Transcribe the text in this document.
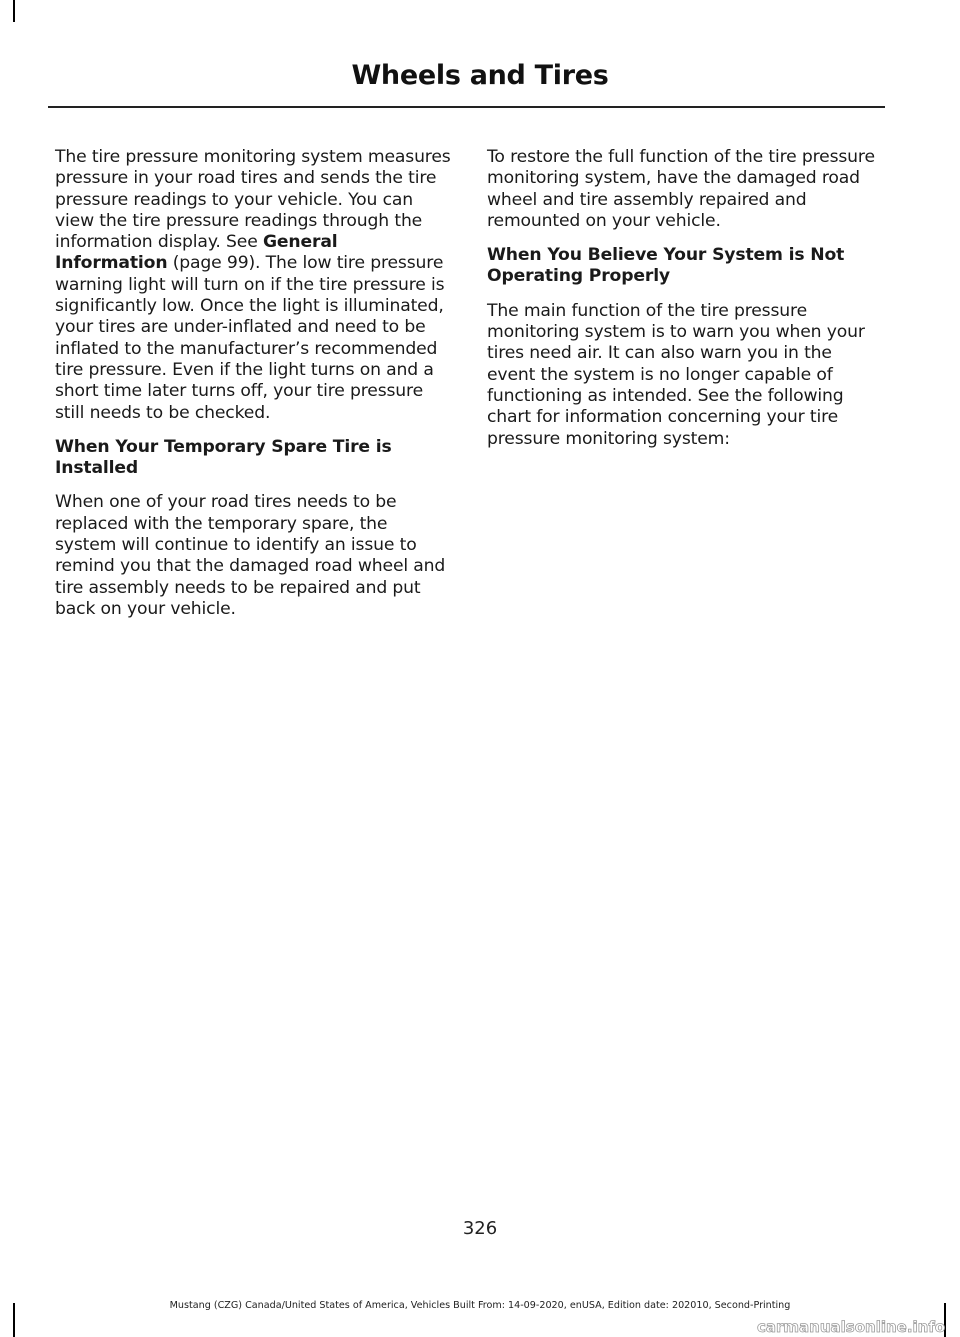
Wheels and Tires

The tire pressure monitoring system measures pressure in your road tires and sends the tire pressure readings to your vehicle. You can view the tire pressure readings through the information display. See General Information (page 99). The low tire pressure warning light will turn on if the tire pressure is significantly low. Once the light is illuminated, your tires are under-inflated and need to be inflated to the manufacturer’s recommended tire pressure. Even if the light turns on and a short time later turns off, your tire pressure still needs to be checked.

When Your Temporary Spare Tire is Installed

When one of your road tires needs to be replaced with the temporary spare, the system will continue to identify an issue to remind you that the damaged road wheel and tire assembly needs to be repaired and put back on your vehicle.

To restore the full function of the tire pressure monitoring system, have the damaged road wheel and tire assembly repaired and remounted on your vehicle.

When You Believe Your System is Not Operating Properly

The main function of the tire pressure monitoring system is to warn you when your tires need air. It can also warn you in the event the system is no longer capable of functioning as intended. See the following chart for information concerning your tire pressure monitoring system:

326
Mustang (CZG) Canada/United States of America, Vehicles Built From: 14-09-2020, enUSA, Edition date: 202010, Second-Printing
carmanualsonline.info
